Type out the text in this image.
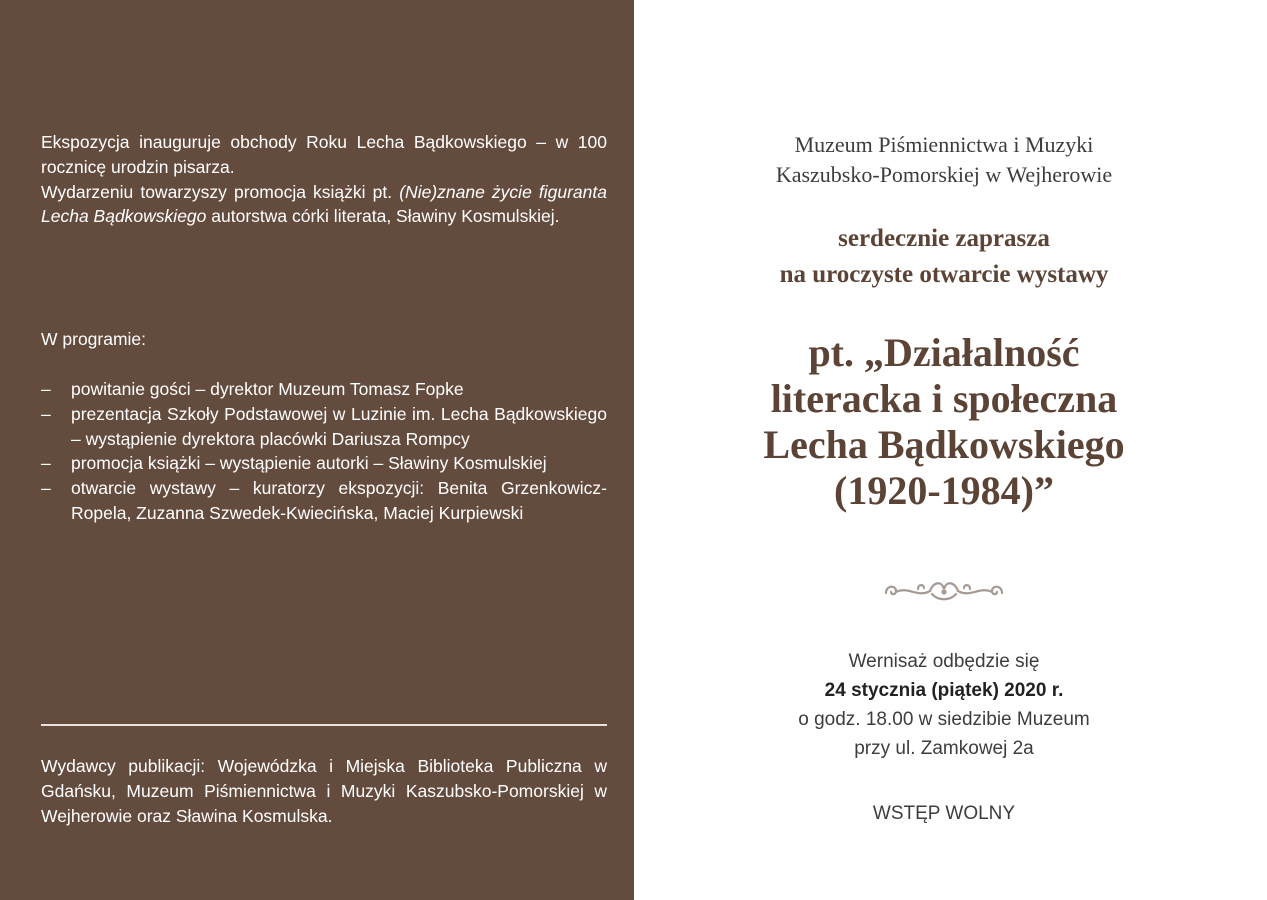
Ekspozycja inauguruje obchody Roku Lecha Bądkowskiego – w 100 rocznicę urodzin pisarza.
Wydarzeniu towarzyszy promocja książki pt. (Nie)znane życie figuranta Lecha Bądkowskiego autorstwa córki literata, Sławiny Kosmulskiej.
W programie:
– powitanie gości – dyrektor Muzeum Tomasz Fopke
– prezentacja Szkoły Podstawowej w Luzinie im. Lecha Bądkowskiego – wystąpienie dyrektora placówki Dariusza Rompcy
– promocja książki – wystąpienie autorki – Sławiny Kosmulskiej
– otwarcie wystawy – kuratorzy ekspozycji: Benita Grzenkowicz-Ropela, Zuzanna Szwedek-Kwiecińska, Maciej Kurpiewski
Wydawcy publikacji: Wojewódzka i Miejska Biblioteka Publiczna w Gdańsku, Muzeum Piśmiennictwa i Muzyki Kaszubsko-Pomorskiej w Wejherowie oraz Sławina Kosmulska.
Muzeum Piśmiennictwa i Muzyki
Kaszubsko-Pomorskiej w Wejherowie
serdecznie zaprasza
na uroczyste otwarcie wystawy
pt. „Działalność
literacka i społeczna
Lecha Bądkowskiego
(1920-1984)”
Wernisaż odbędzie się
24 stycznia (piątek) 2020 r.
o godz. 18.00 w siedzibie Muzeum
przy ul. Zamkowej 2a
WSTĘP WOLNY
